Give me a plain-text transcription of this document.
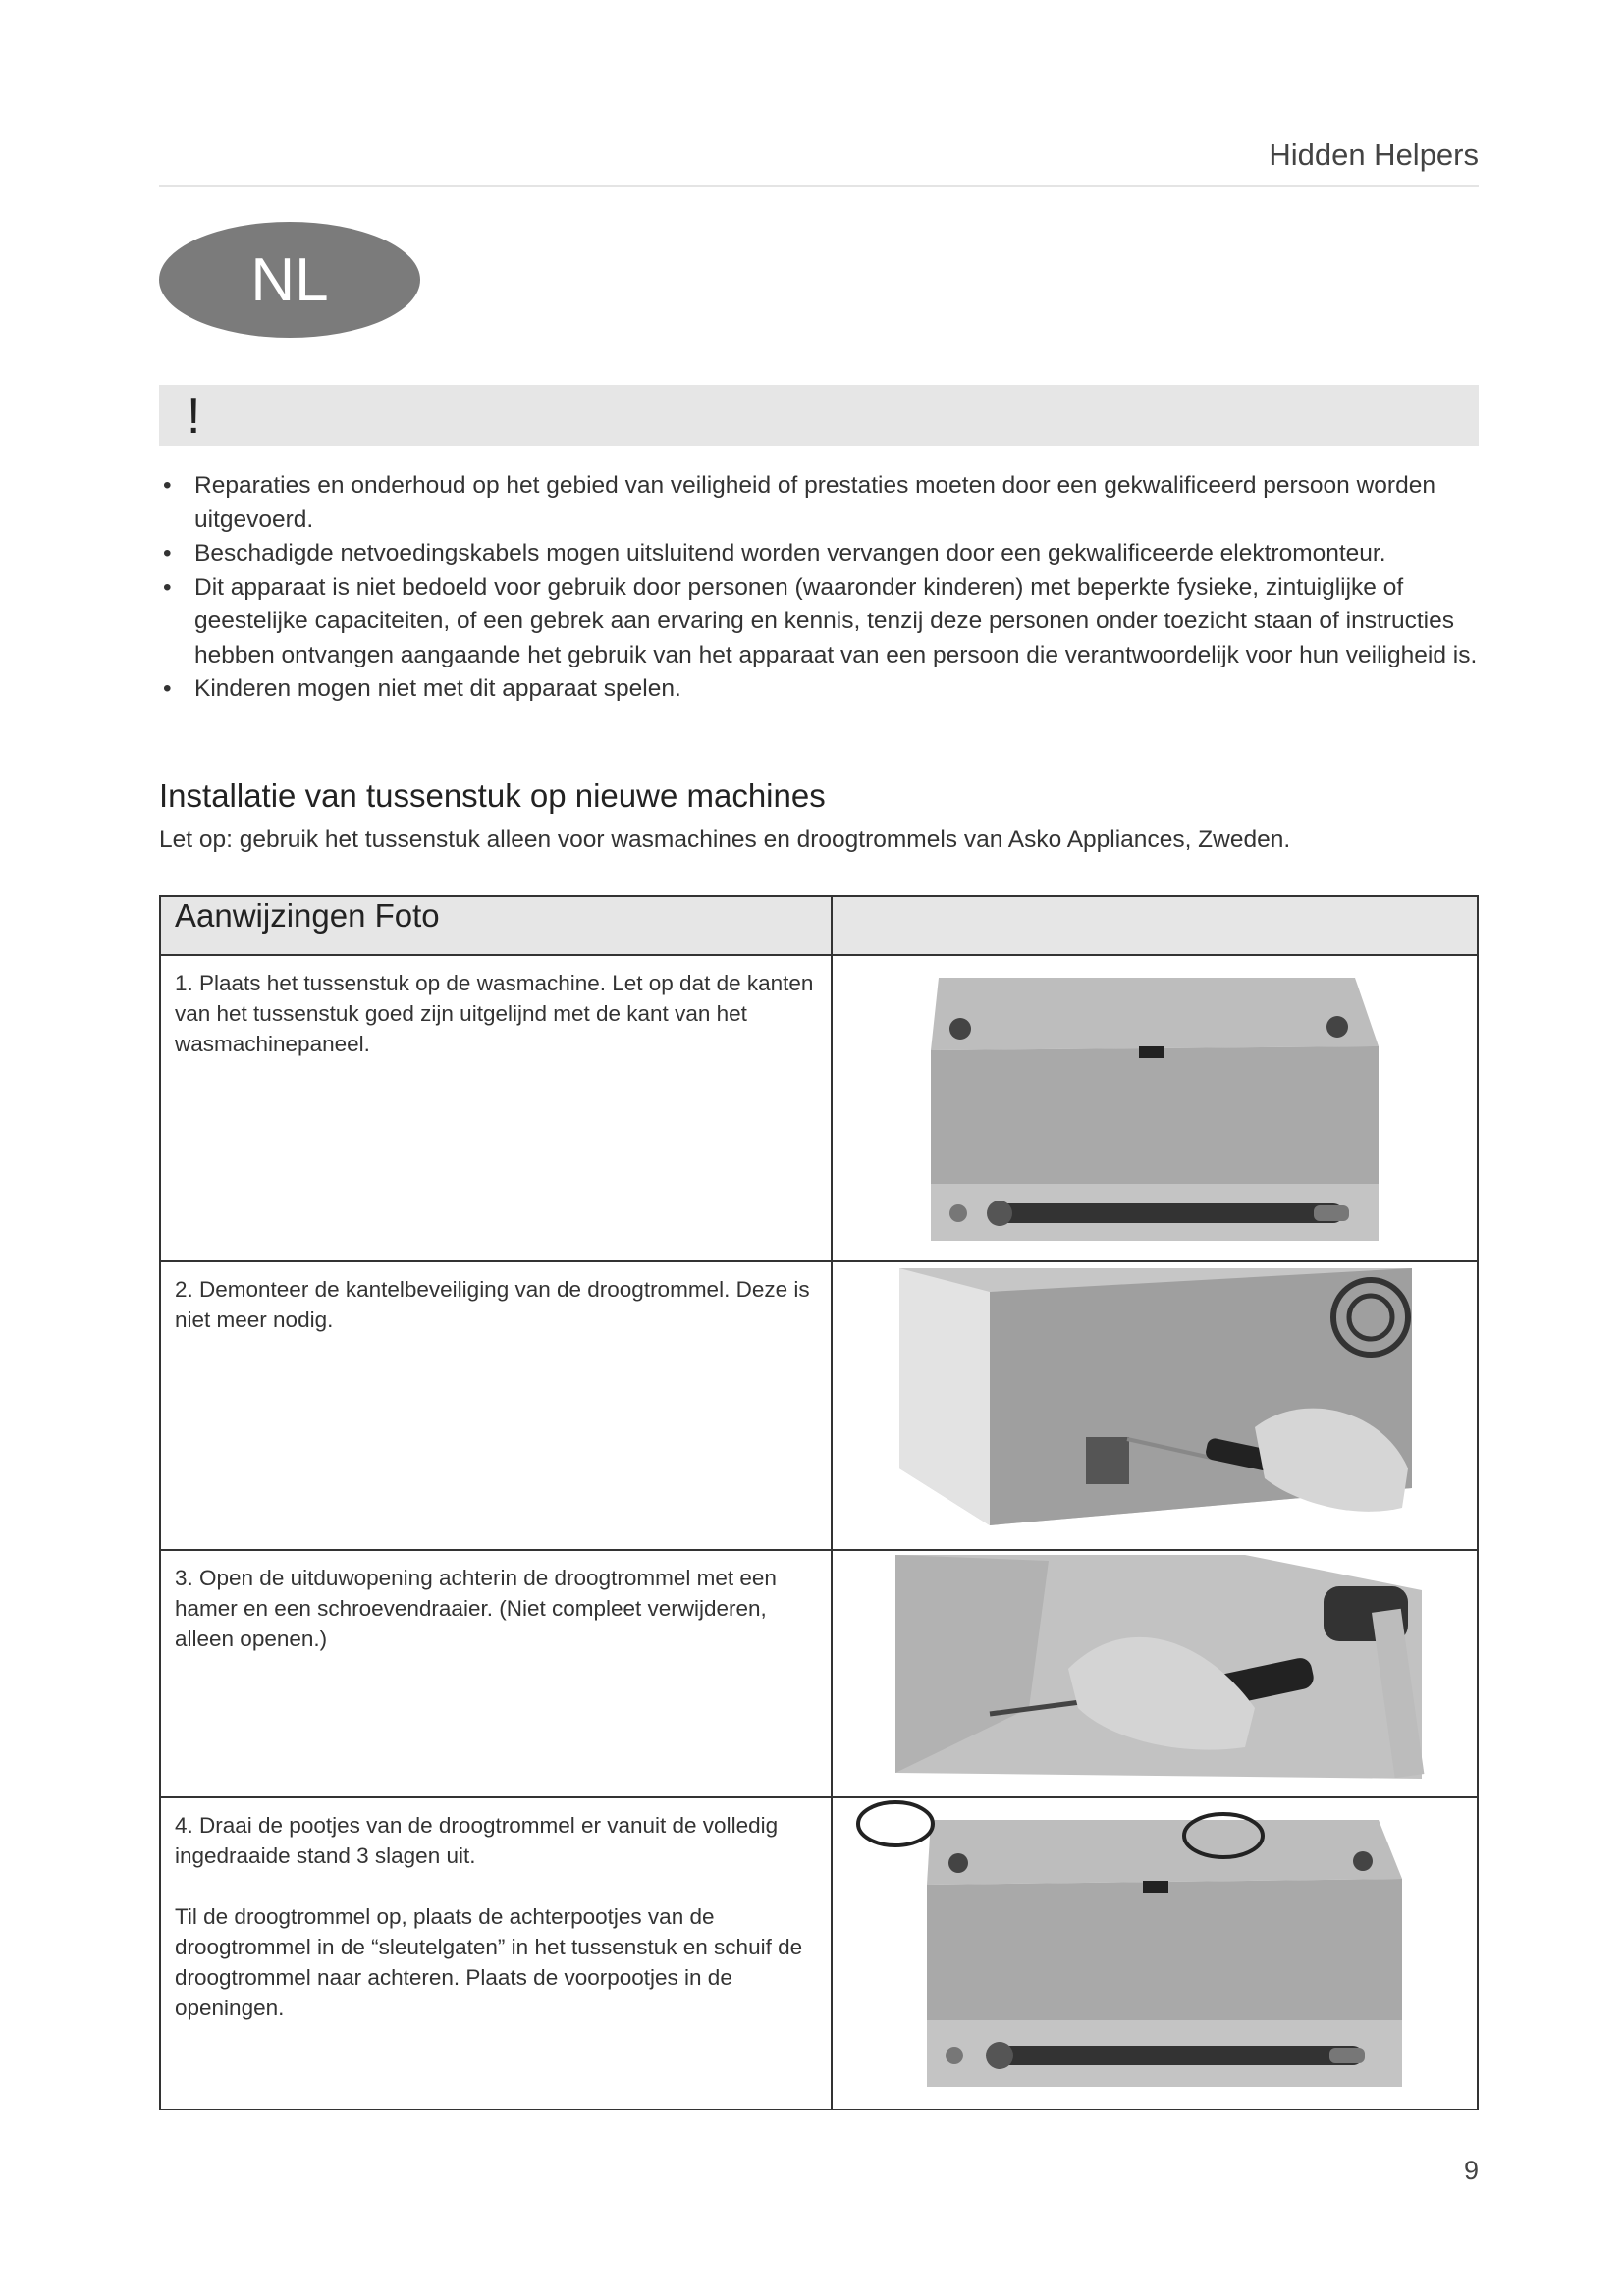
Hidden Helpers
NL
!
• Reparaties en onderhoud op het gebied van veiligheid of prestaties moeten door een gekwalificeerd persoon worden uitgevoerd.
• Beschadigde netvoedingskabels mogen uitsluitend worden vervangen door een gekwalificeerde elektromonteur.
• Dit apparaat is niet bedoeld voor gebruik door personen (waaronder kinderen) met beperkte fysieke, zintuiglijke of geestelijke capaciteiten, of een gebrek aan ervaring en kennis, tenzij deze personen onder toezicht staan of instructies hebben ontvangen aangaande het gebruik van het apparaat van een persoon die verantwoordelijk voor hun veiligheid is.
• Kinderen mogen niet met dit apparaat spelen.
Installatie van tussenstuk op nieuwe machines
Let op: gebruik het tussenstuk alleen voor wasmachines en droogtrommels van Asko Appliances, Zweden.
Aanwijzingen Foto	

1. Plaats het tussenstuk op de wasmachine. Let op dat de kanten van het tussenstuk goed zijn uitgelijnd met de kant van het wasmachinepaneel.

2. Demonteer de kantelbeveiliging van de droogtrommel. Deze is niet meer nodig.

3. Open de uitduwopening achterin de droogtrommel met een hamer en een schroevendraaier. (Niet compleet verwijderen, alleen openen.)

4. Draai de pootjes van de droogtrommel er vanuit de volledig ingedraaide stand 3 slagen uit.

Til de droogtrommel op, plaats de achterpootjes van de droogtrommel in de “sleutelgaten” in het tussenstuk en schuif de droogtrommel naar achteren. Plaats de voorpootjes in de openingen.

9
